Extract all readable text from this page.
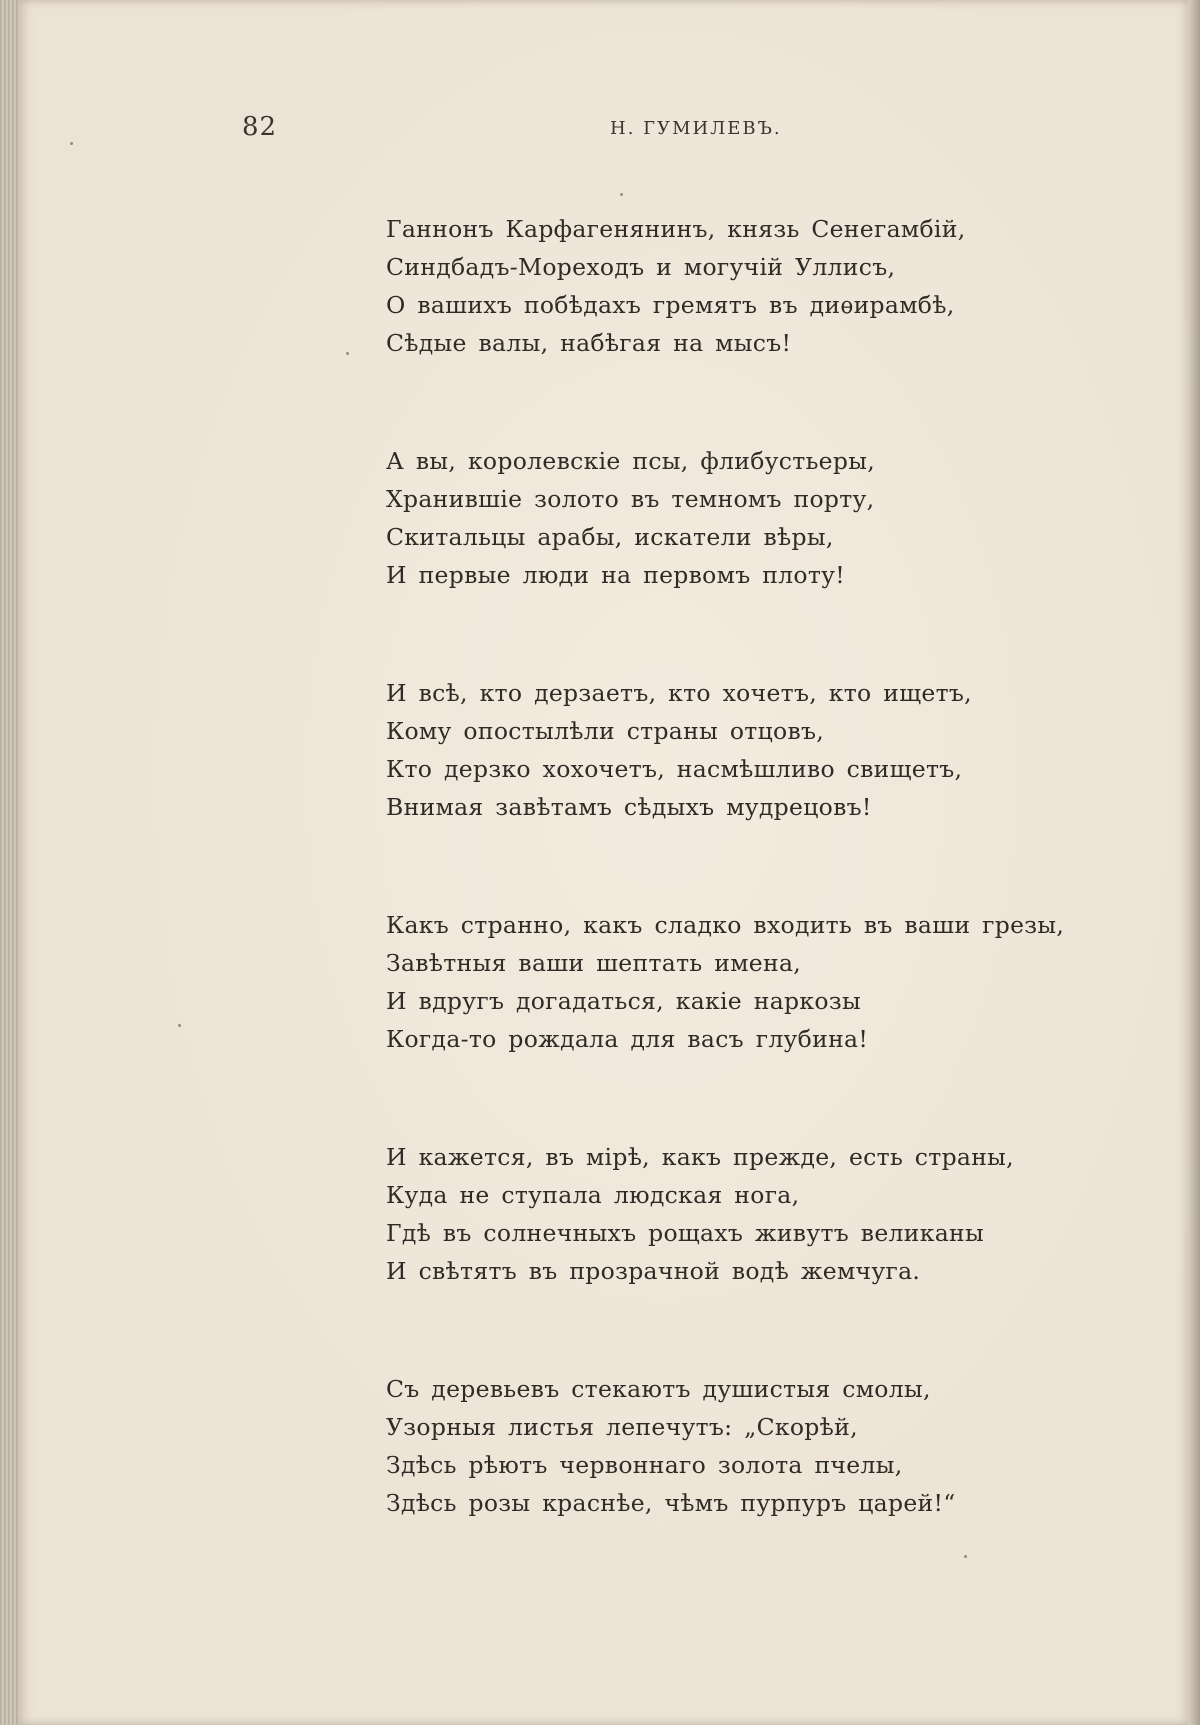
82	Н. ГУМИЛЕВЪ.
Ганнонъ Карфагенянинъ, князь Сенегамбій,
Синдбадъ-Мореходъ и могучій Уллисъ,
О вашихъ побѣдахъ гремятъ въ диѳирамбѣ,
Сѣдые валы, набѣгая на мысъ!
А вы, королевскіе псы, флибустьеры,
Хранившіе золото въ темномъ порту,
Скитальцы арабы, искатели вѣры,
И первые люди на первомъ плоту!
И всѣ, кто дерзаетъ, кто хочетъ, кто ищетъ,
Кому опостылѣли страны отцовъ,
Кто дерзко хохочетъ, насмѣшливо свищетъ,
Внимая завѣтамъ сѣдыхъ мудрецовъ!
Какъ странно, какъ сладко входить въ ваши грезы,
Завѣтныя ваши шептать имена,
И вдругъ догадаться, какіе наркозы
Когда-то рождала для васъ глубина!
И кажется, въ мірѣ, какъ прежде, есть страны,
Куда не ступала людская нога,
Гдѣ въ солнечныхъ рощахъ живутъ великаны
И свѣтятъ въ прозрачной водѣ жемчуга.
Съ деревьевъ стекаютъ душистыя смолы,
Узорныя листья лепечутъ: „Скорѣй,
Здѣсь рѣютъ червоннаго золота пчелы,
Здѣсь розы краснѣе, чѣмъ пурпуръ царей!“
